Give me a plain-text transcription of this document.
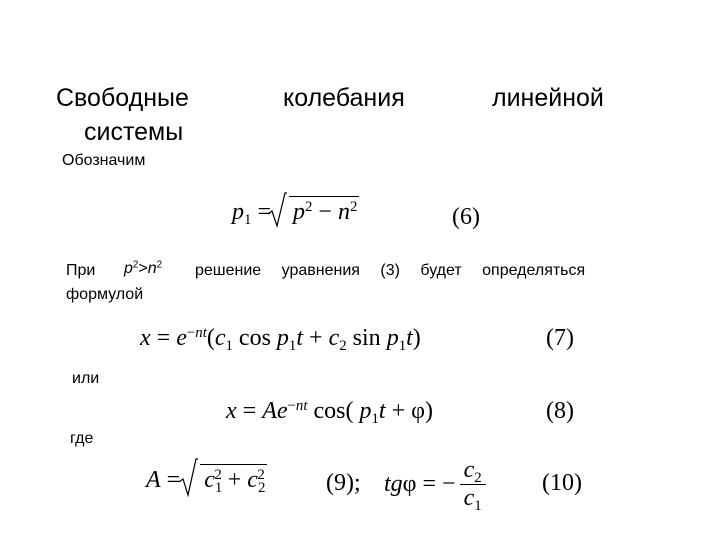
Свободные	колебания	линейной
системы
Обозначим
$p_1$ =
$p^2 - n^2$	(6)
При $p^2>n^2$ решение уравнения (3) будет определяться
формулой
$x = e^{-nt}(c_1$ $\cos p_1t + c_2$ $\sin p_1t$)	(7)
или
$x = Ae^{-nt}$ cos( $p_1t + \varphi$)	(8)
где
A =
$c_1^2 + c_2^2$	(9); tgφ = − $\frac{c_2}{c_1} (10)$
